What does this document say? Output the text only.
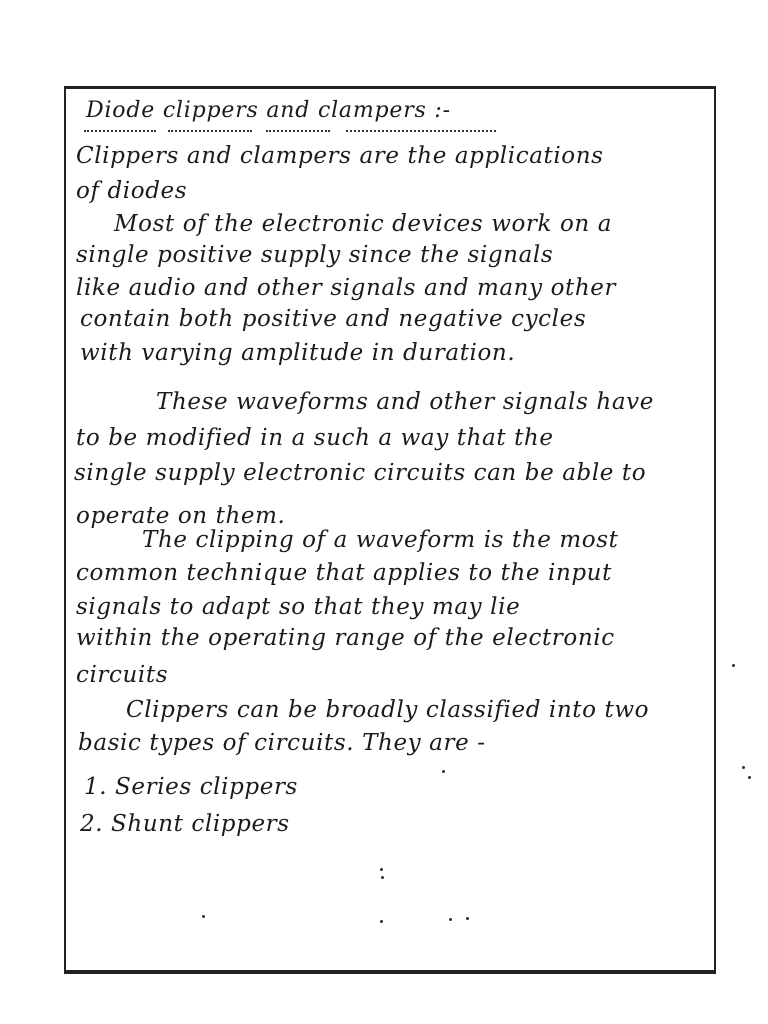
Diode clippers and clampers :-
Clippers and clampers are the applications
of diodes
Most of the electronic devices work on a
single positive supply since the signals
like audio and other signals and many other
contain both positive and negative cycles
with varying amplitude in duration.
These waveforms and other signals have
to be modified in a such a way that the
single supply electronic circuits can be able to
operate on them.
The clipping of a waveform is the most
common technique that applies to the input
signals to adapt so that they may lie
within the operating range of the electronic
circuits
Clippers can be broadly classified into two
basic types of circuits. They are -
1. Series clippers
2. Shunt clippers
